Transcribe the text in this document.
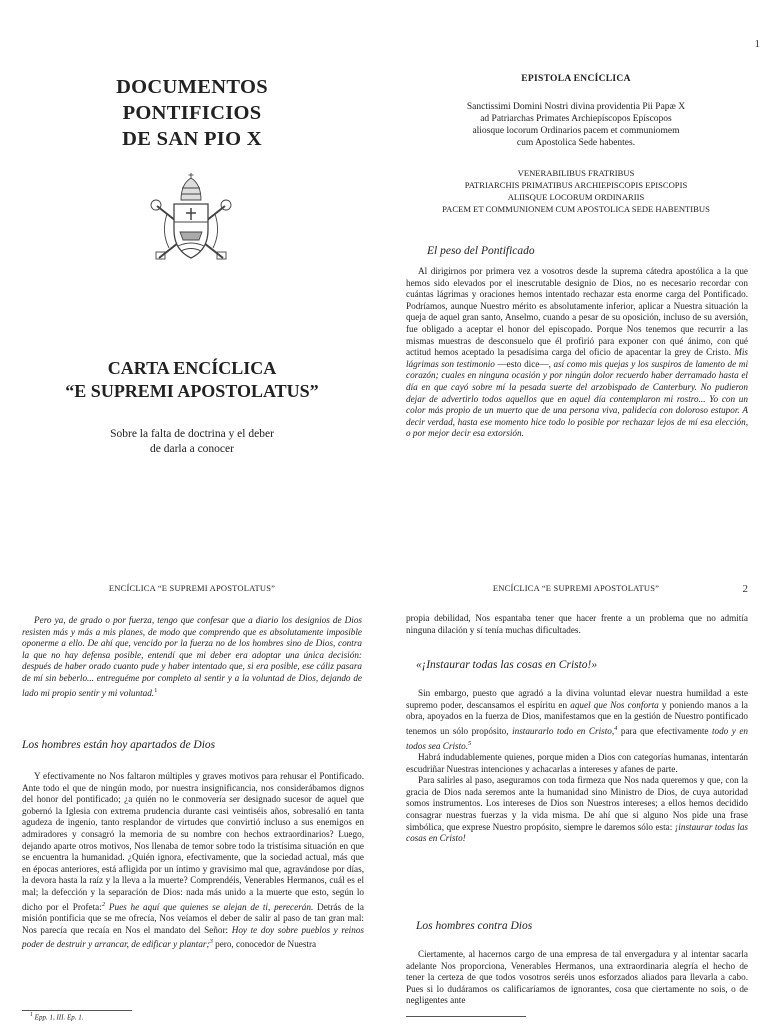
DOCUMENTOS
PONTIFICIOS
DE SAN PIO X
CARTA ENCÍCLICA
“E SUPREMI APOSTOLATUS”
Sobre la falta de doctrina y el deber
de darla a conocer
1
EPISTOLA ENCÍCLICA
Sanctissimi Domini Nostri divina providentia Pii Papæ X
ad Patriarchas Primates Archiepíscopos Epíscopos
aliosque locorum Ordinarios pacem et communiomem
cum Apostolica Sede habentes.
VENERABILIBUS FRATRIBUS
PATRIARCHIS PRIMATIBUS ARCHIEPISCOPIS EPISCOPIS
ALIISQUE LOCORUM ORDINARIIS
PACEM ET COMMUNIONEM CUM APOSTOLICA SEDE HABENTIBUS
El peso del Pontificado

Al dirigirnos por primera vez a vosotros desde la suprema cátedra apostólica a la que hemos sido elevados por el inescrutable designio de Dios, no es necesario recordar con cuántas lágrimas y oraciones hemos intentado rechazar esta enorme carga del Pontificado. Podríamos, aunque Nuestro mérito es absolutamente inferior, aplicar a Nuestra situación la queja de aquel gran santo, Anselmo, cuando a pesar de su oposición, incluso de su aversión, fue obligado a aceptar el honor del episcopado. Porque Nos tenemos que recurrir a las mismas muestras de desconsuelo que él profirió para exponer con qué ánimo, con qué actitud hemos aceptado la pesadísima carga del oficio de apacentar la grey de Cristo. Mis lágrimas son testimonio —esto dice—, así como mis quejas y los suspiros de lamento de mi corazón; cuales en ninguna ocasión y por ningún dolor recuerdo haber derramado hasta el día en que cayó sobre mí la pesada suerte del arzobispado de Canterbury. No pudieron dejar de advertirlo todos aquellos que en aquel día contemplaron mi rostro... Yo con un color más propio de un muerto que de una persona viva, palidecía con doloroso estupor. A decir verdad, hasta ese momento hice todo lo posible por rechazar lejos de mí esa elección, o por mejor decir esa extorsión.

ENCÍCLICA “E SUPREMI APOSTOLATUS”

Pero ya, de grado o por fuerza, tengo que confesar que a diario los designios de Dios resisten más y más a mis planes, de modo que comprendo que es absolutamente imposible oponerme a ello. De ahí que, vencido por la fuerza no de los hombres sino de Dios, contra la que no hay defensa posible, entendí que mi deber era adoptar una única decisión: después de haber orado cuanto pude y haber intentado que, si era posible, ese cáliz pasara de mí sin beberlo... entreguéme por completo al sentir y a la voluntad de Dios, dejando de lado mi propio sentir y mi voluntad.$^1$

Los hombres están hoy apartados de Dios

Y efectivamente no Nos faltaron múltiples y graves motivos para rehusar el Pontificado. Ante todo el que de ningún modo, por nuestra insignificancia, nos considerábamos dignos del honor del pontificado; ¿a quién no le conmovería ser designado sucesor de aquel que gobernó la Iglesia con extrema prudencia durante casi veintiséis años, sobresalió en tanta agudeza de ingenio, tanto resplandor de virtudes que convirtió incluso a sus enemigos en admiradores y consagró la memoria de su nombre con hechos extraordinarios? Luego, dejando aparte otros motivos, Nos llenaba de temor sobre todo la tristísima situación en que se encuentra la humanidad. ¿Quién ignora, efectivamente, que la sociedad actual, más que en épocas anteriores, está afligida por un íntimo y gravísimo mal que, agravándose por días, la devora hasta la raíz y la lleva a la muerte? Comprendéis, Venerables Hermanos, cuál es el mal; la defección y la separación de Dios: nada más unido a la muerte que esto, según lo dicho por el Profeta:$^2$ Pues he aquí que quienes se alejan de ti, perecerán. Detrás de la misión pontificia que se me ofrecía, Nos veíamos el deber de salir al paso de tan gran mal: Nos parecía que recaía en Nos el mandato del Señor: Hoy te doy sobre pueblos y reinos poder de destruir y arrancar, de edificar y plantar;$^3$ pero, conocedor de Nuestra

$^1$ Epp. 1, III. Ep. 1.
ENCÍCLICA “E SUPREMI APOSTOLATUS”	2

propia debilidad, Nos espantaba tener que hacer frente a un problema que no admitía ninguna dilación y sí tenía muchas dificultades.

«¡Instaurar todas las cosas en Cristo!»

Sin embargo, puesto que agradó a la divina voluntad elevar nuestra humildad a este supremo poder, descansamos el espíritu en aquel que Nos conforta y poniendo manos a la obra, apoyados en la fuerza de Dios, manifestamos que en la gestión de Nuestro pontificado tenemos un sólo propósito, instaurarlo todo en Cristo,$^4$ para que efectivamente todo y en todos sea Cristo.$^5$

Habrá indudablemente quienes, porque miden a Dios con categorías humanas, intentarán escudriñar Nuestras intenciones y achacarlas a intereses y afanes de parte.

Para salirles al paso, aseguramos con toda firmeza que Nos nada queremos y que, con la gracia de Dios nada seremos ante la humanidad sino Ministro de Dios, de cuya autoridad somos instrumentos. Los intereses de Dios son Nuestros intereses; a ellos hemos decidido consagrar nuestras fuerzas y la vida misma. De ahí que si alguno Nos pide una frase simbólica, que exprese Nuestro propósito, siempre le daremos sólo esta: ¡instaurar todas las cosas en Cristo!

Los hombres contra Dios

Ciertamente, al hacernos cargo de una empresa de tal envergadura y al intentar sacarla adelante Nos proporciona, Venerables Hermanos, una extraordinaria alegría el hecho de tener la certeza de que todos vosotros seréis unos esforzados aliados para llevarla a cabo. Pues si lo dudáramos os calificaríamos de ignorantes, cosa que ciertamente no sois, o de negligentes ante
